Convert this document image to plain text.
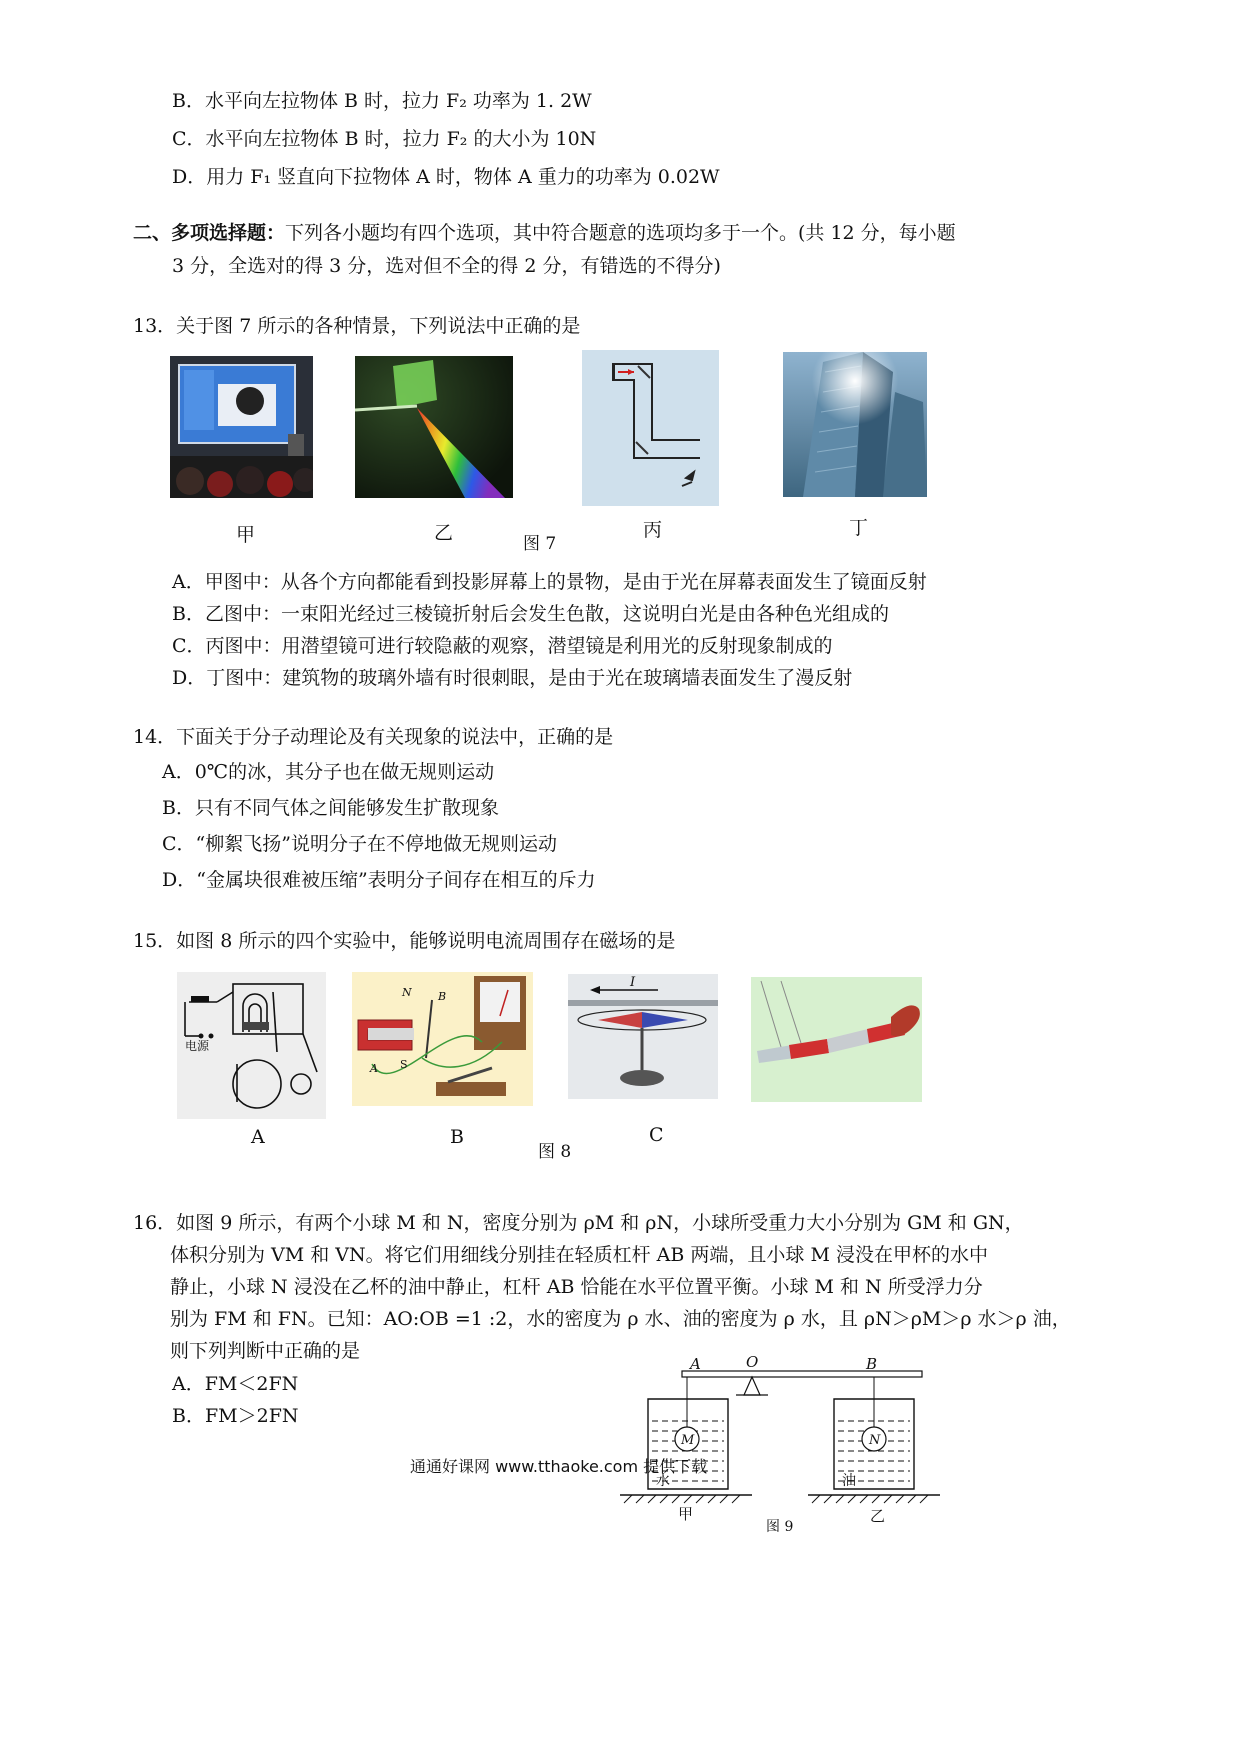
B．水平向左拉物体 B 时，拉力 F₂ 功率为 1. 2W
C．水平向左拉物体 B 时，拉力 F₂ 的大小为 10N
D．用力 F₁ 竖直向下拉物体 A 时，物体 A 重力的功率为 0.02W
二、多项选择题：下列各小题均有四个选项，其中符合题意的选项均多于一个。(共 12 分，每小题
3 分，全选对的得 3 分，选对但不全的得 2 分，有错选的不得分)
13．关于图 7 所示的各种情景，下列说法中正确的是
甲	乙	图 7
丙	丁
A．甲图中：从各个方向都能看到投影屏幕上的景物，是由于光在屏幕表面发生了镜面反射
B．乙图中：一束阳光经过三棱镜折射后会发生色散，这说明白光是由各种色光组成的
C．丙图中：用潜望镜可进行较隐蔽的观察，潜望镜是利用光的反射现象制成的
D．丁图中：建筑物的玻璃外墙有时很刺眼，是由于光在玻璃墙表面发生了漫反射
14．下面关于分子动理论及有关现象的说法中，正确的是
A．0℃的冰，其分子也在做无规则运动
B．只有不同气体之间能够发生扩散现象
C．“柳絮飞扬”说明分子在不停地做无规则运动
D．“金属块很难被压缩”表明分子间存在相互的斥力
15．如图 8 所示的四个实验中，能够说明电流周围存在磁场的是
电源
N B
S
A
I
A	B
图 8
C
16．如图 9 所示，有两个小球 M 和 N，密度分别为 ρM 和 ρN，小球所受重力大小分别为 GM 和 GN，
体积分别为 VM 和 VN。将它们用细线分别挂在轻质杠杆 AB 两端，且小球 M 浸没在甲杯的水中
静止，小球 N 浸没在乙杯的油中静止，杠杆 AB 恰能在水平位置平衡。小球 M 和 N 所受浮力分
别为 FM 和 FN。已知：AO:OB =1 :2，水的密度为 ρ 水、油的密度为 ρ 水，且 ρN＞ρM＞ρ 水＞ρ 油，
则下列判断中正确的是
A．FM＜2FN
B．FM＞2FN
A	O	B
M	N
水	油
甲	乙
图 9
通通好课网 www.tthaoke.com 提供下载
